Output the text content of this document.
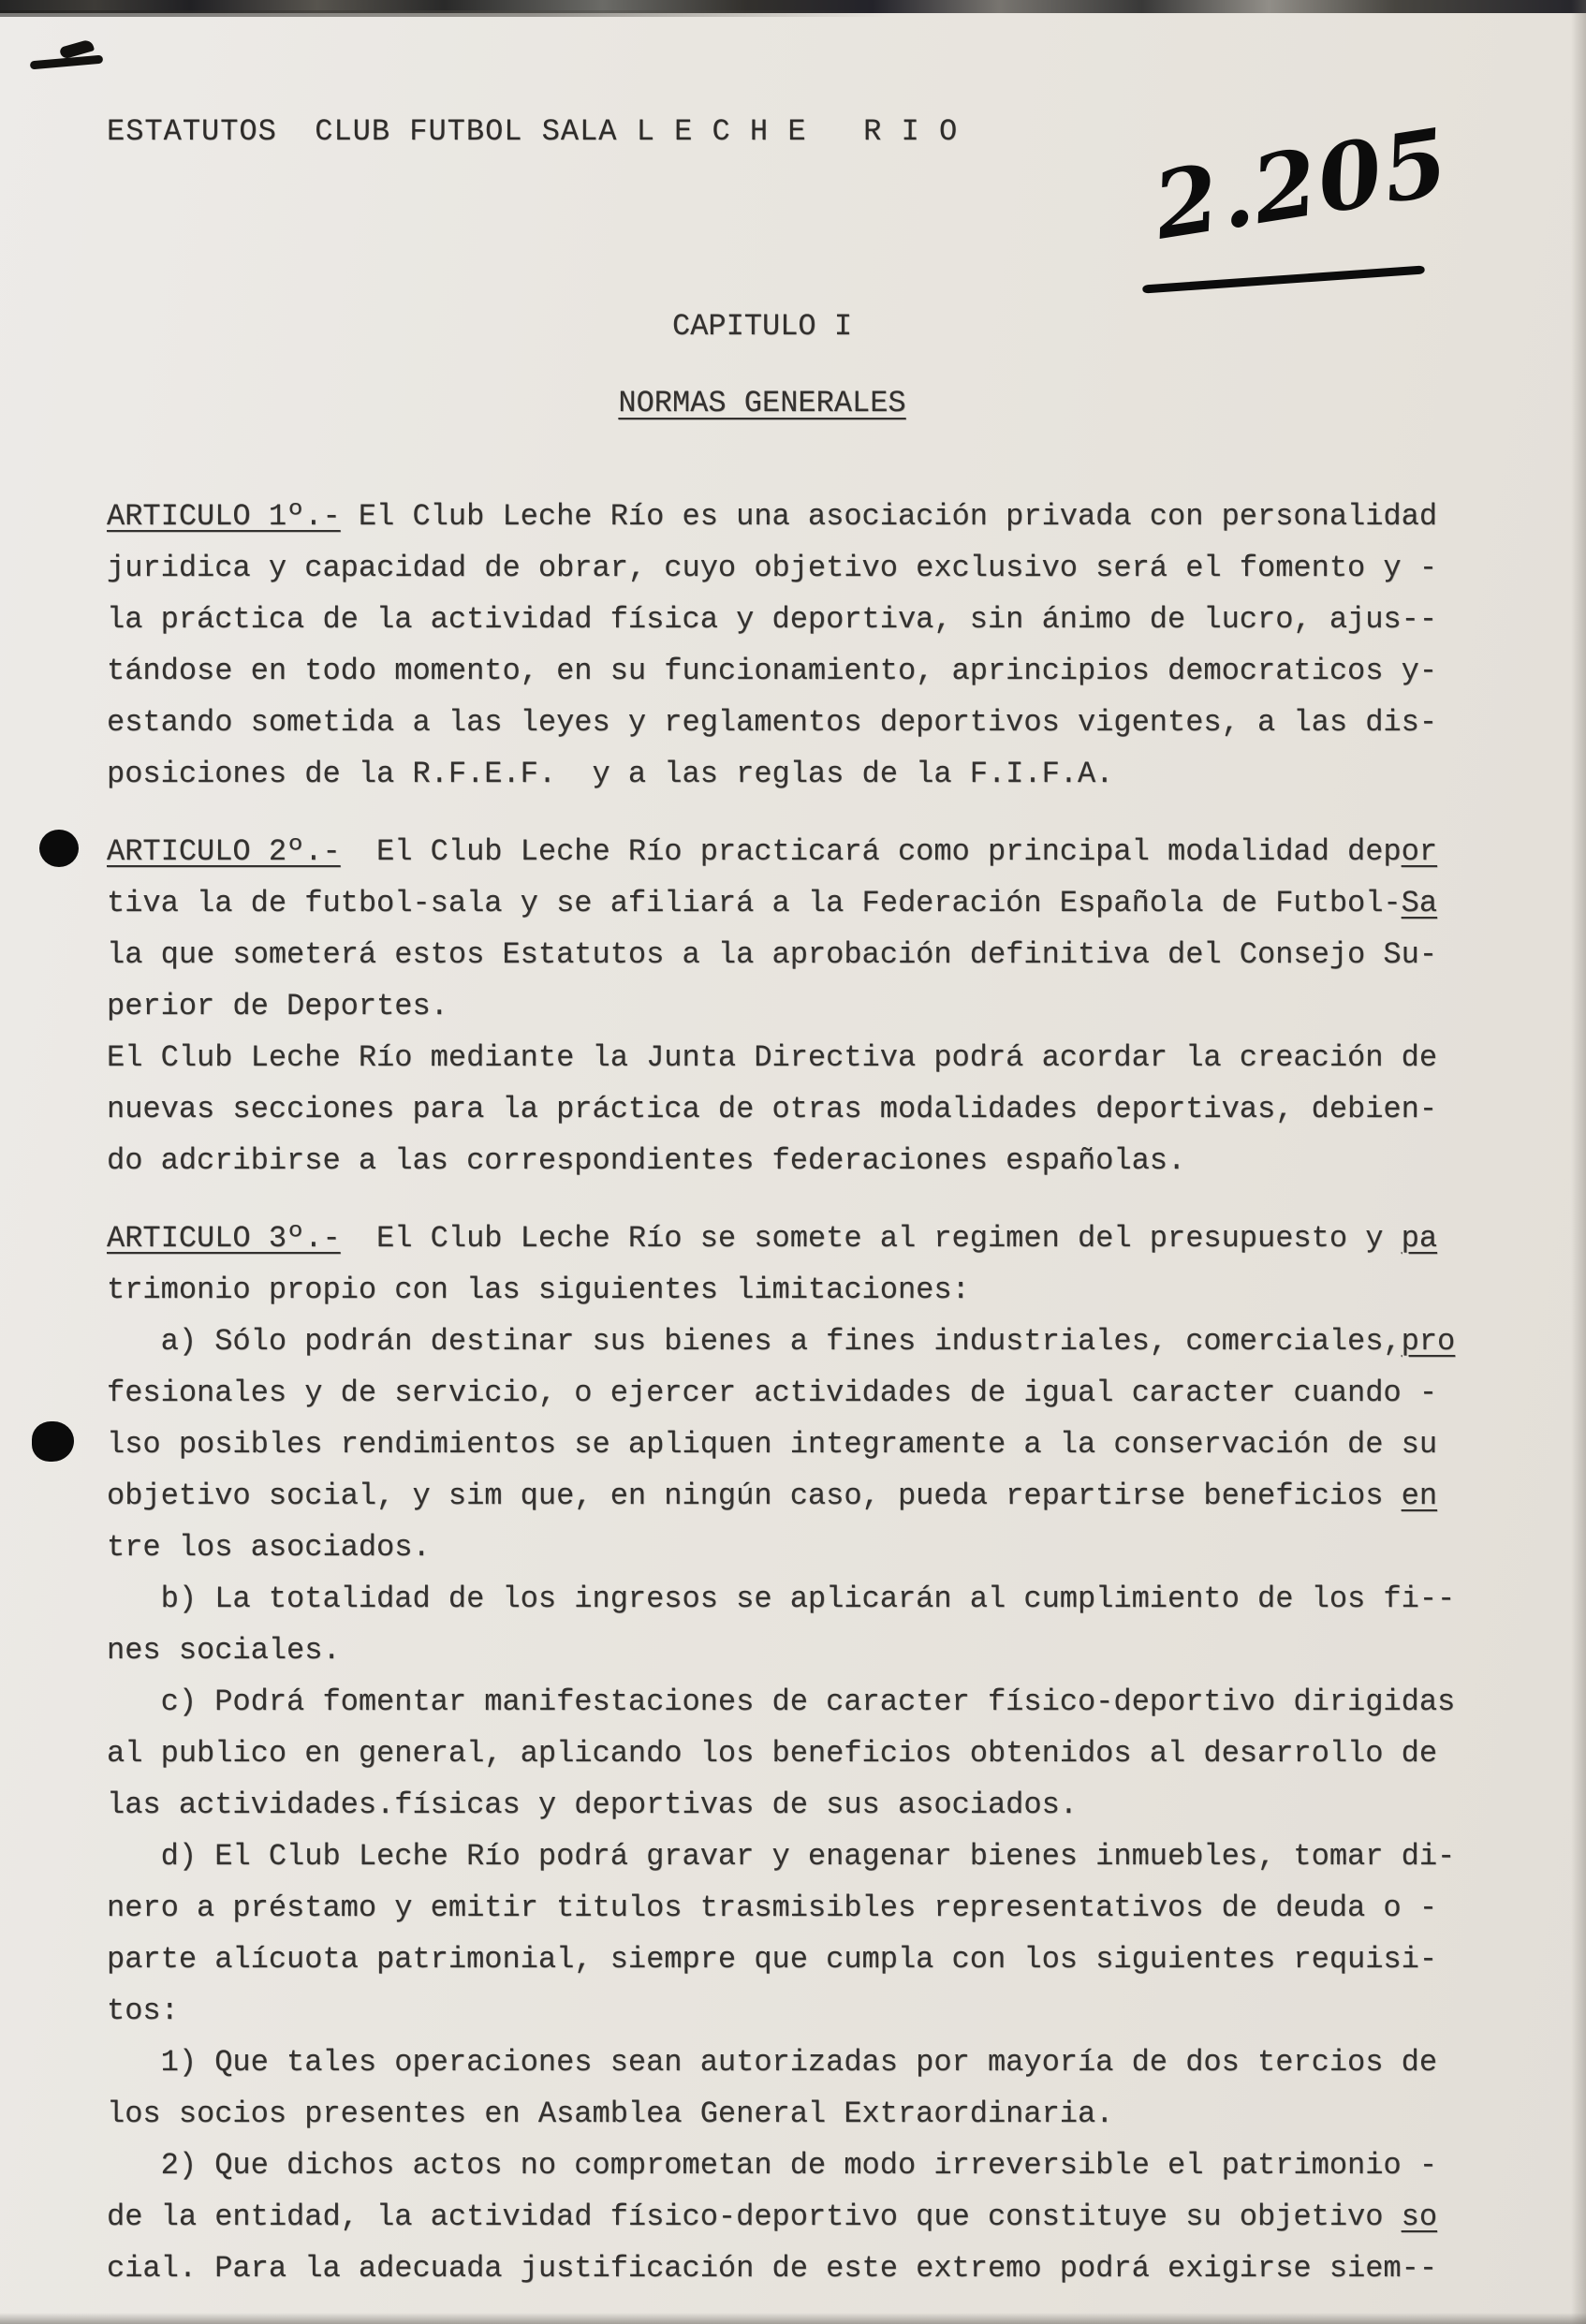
ESTATUTOS  CLUB FUTBOL SALA L E C H E   R I O 2.205
CAPITULO I
NORMAS GENERALES
ARTICULO 1º.- El Club Leche Río es una asociación privada con personalidad
juridica y capacidad de obrar, cuyo objetivo exclusivo será el fomento y -
la práctica de la actividad física y deportiva, sin ánimo de lucro, ajus--
tándose en todo momento, en su funcionamiento, aprincipios democraticos y-
estando sometida a las leyes y reglamentos deportivos vigentes, a las dis-
posiciones de la R.F.E.F.  y a las reglas de la F.I.F.A.
ARTICULO 2º.-  El Club Leche Río practicará como principal modalidad depor
tiva la de futbol-sala y se afiliará a la Federación Española de Futbol-Sa
la que someterá estos Estatutos a la aprobación definitiva del Consejo Su-
perior de Deportes.
El Club Leche Río mediante la Junta Directiva podrá acordar la creación de
nuevas secciones para la práctica de otras modalidades deportivas, debien-
do adcribirse a las correspondientes federaciones españolas.
ARTICULO 3º.-  El Club Leche Río se somete al regimen del presupuesto y pa
trimonio propio con las siguientes limitaciones:
a) Sólo podrán destinar sus bienes a fines industriales, comerciales,pro
fesionales y de servicio, o ejercer actividades de igual caracter cuando -
lso posibles rendimientos se apliquen integramente a la conservación de su
objetivo social, y sim que, en ningún caso, pueda repartirse beneficios en
tre los asociados.
b) La totalidad de los ingresos se aplicarán al cumplimiento de los fi--
nes sociales.
c) Podrá fomentar manifestaciones de caracter físico-deportivo dirigidas
al publico en general, aplicando los beneficios obtenidos al desarrollo de
las actividades.físicas y deportivas de sus asociados.
d) El Club Leche Río podrá gravar y enagenar bienes inmuebles, tomar di-
nero a préstamo y emitir titulos trasmisibles representativos de deuda o -
parte alícuota patrimonial, siempre que cumpla con los siguientes requisi-
tos:
1) Que tales operaciones sean autorizadas por mayoría de dos tercios de
los socios presentes en Asamblea General Extraordinaria.
2) Que dichos actos no comprometan de modo irreversible el patrimonio -
de la entidad, la actividad físico-deportivo que constituye su objetivo so
cial. Para la adecuada justificación de este extremo podrá exigirse siem--
